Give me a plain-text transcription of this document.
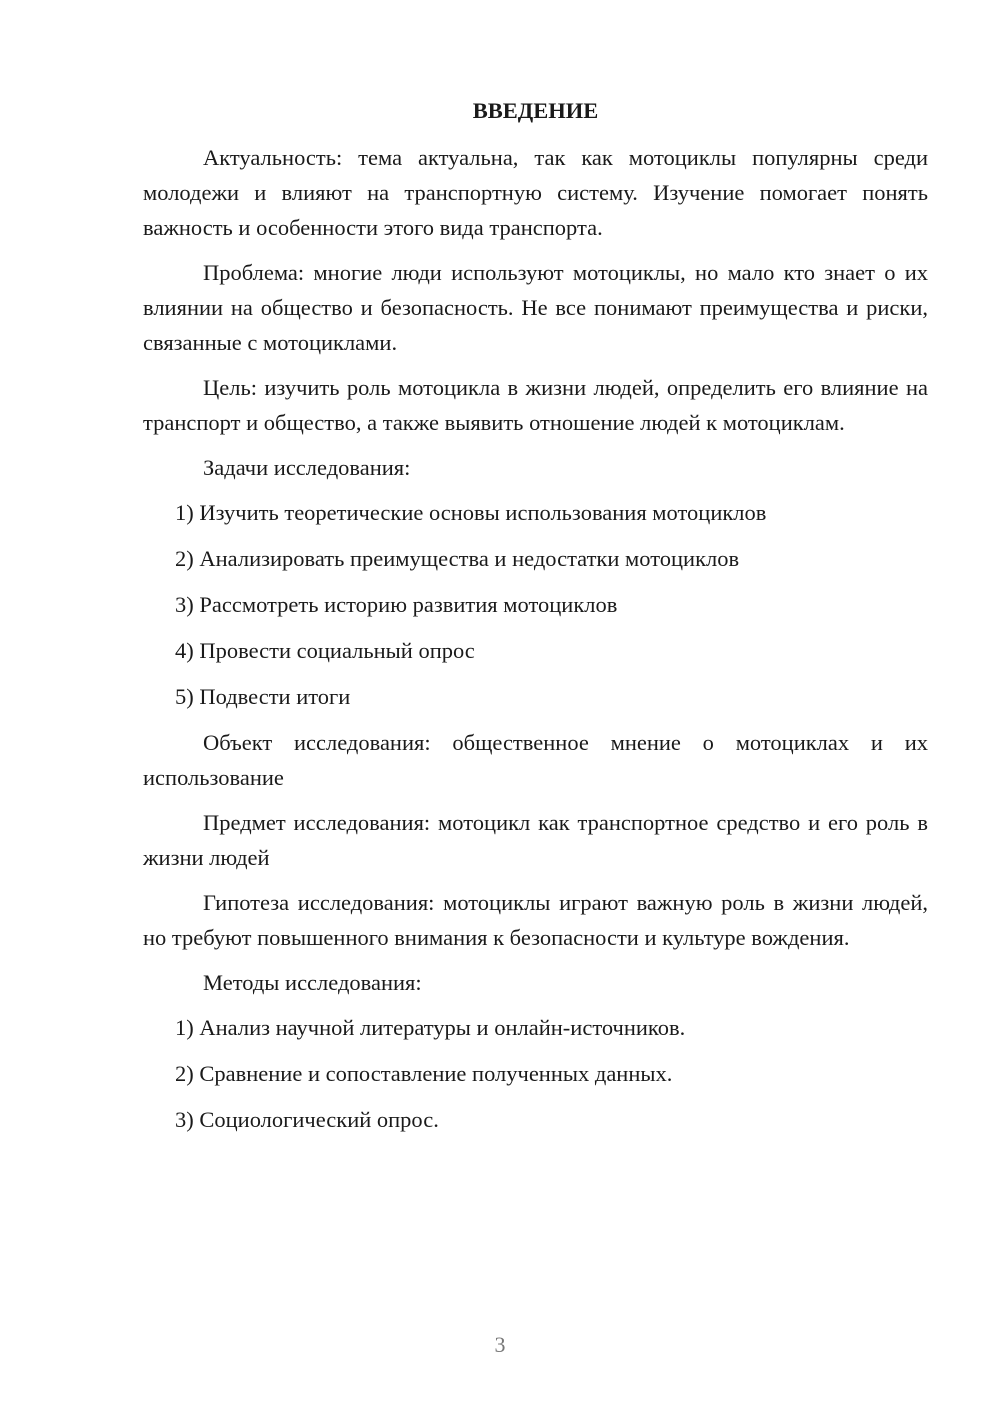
ВВЕДЕНИЕ
Актуальность: тема актуальна, так как мотоциклы популярны среди молодежи и влияют на транспортную систему. Изучение помогает понять важность и особенности этого вида транспорта.
Проблема: многие люди используют мотоциклы, но мало кто знает о их влиянии на общество и безопасность. Не все понимают преимущества и риски, связанные с мотоциклами.
Цель: изучить роль мотоцикла в жизни людей, определить его влияние на транспорт и общество, а также выявить отношение людей к мотоциклам.
Задачи исследования:
1) Изучить теоретические основы использования мотоциклов
2) Анализировать преимущества и недостатки мотоциклов
3) Рассмотреть историю развития мотоциклов
4) Провести социальный опрос
5) Подвести итоги
Объект исследования: общественное мнение о мотоциклах и их использование
Предмет исследования: мотоцикл как транспортное средство и его роль в жизни людей
Гипотеза исследования: мотоциклы играют важную роль в жизни людей, но требуют повышенного внимания к безопасности и культуре вождения.
Методы исследования:
1) Анализ научной литературы и онлайн-источников.
2) Сравнение и сопоставление полученных данных.
3) Социологический опрос.
3
